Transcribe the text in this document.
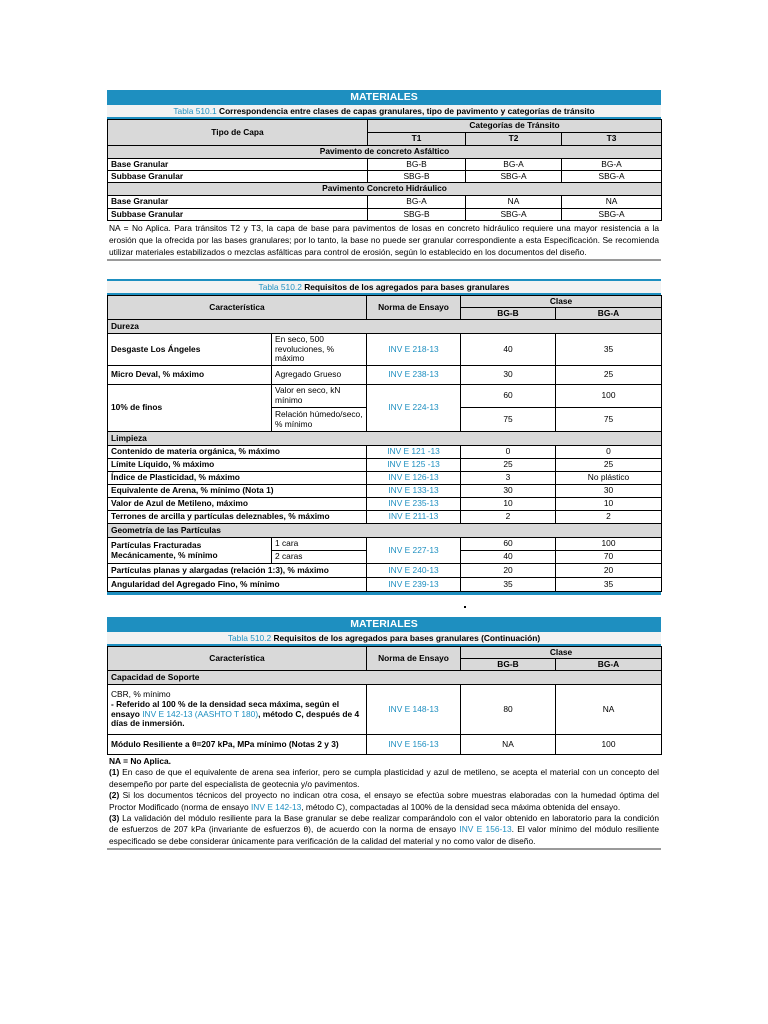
MATERIALES
Tabla 510.1 Correspondencia entre clases de capas granulares, tipo de pavimento y categorías de tránsito
Tipo de Capa	Categorías de Tránsito		
	T1	T2	T3
Pavimento de concreto Asfáltico			
Base Granular	BG-B	BG-A	BG-A
Subbase Granular	SBG-B	SBG-A	SBG-A
Pavimento Concreto Hidráulico			
Base Granular	BG-A	NA	NA
Subbase Granular	SBG-B	SBG-A	SBG-A
NA = No Aplica. Para tránsitos T2 y T3, la capa de base para pavimentos de losas en concreto hidráulico requiere una mayor resistencia a la erosión que la ofrecida por las bases granulares; por lo tanto, la base no puede ser granular correspondiente a esta Especificación. Se recomienda utilizar materiales estabilizados o mezclas asfálticas para control de erosión, según lo establecido en los documentos del diseño.
Tabla 510.2 Requisitos de los agregados para bases granulares
Característica		Norma de Ensayo	Clase	
			BG-B	BG-A
Dureza				
Desgaste Los Ángeles	En seco, 500 revoluciones, % máximo	INV E 218-13	40	35
Micro Deval, % máximo	Agregado Grueso	INV E 238-13	30	25
10% de finos	Valor en seco, kN mínimo	INV E 224-13	60	100
	Relación húmedo/seco, % mínimo		75	75
Limpieza				
Contenido de materia orgánica, % máximo		INV E 121 -13	0	0
Límite Líquido, % máximo		INV E 125 -13	25	25
Índice de Plasticidad, % máximo		INV E 126-13	3	No plástico
Equivalente de Arena, % mínimo (Nota 1)		INV E 133-13	30	30
Valor de Azul de Metileno, máximo		INV E 235-13	10	10
Terrones de arcilla y partículas deleznables, % máximo		INV E 211-13	2	2
Geometría de las Partículas				
Partículas Fracturadas Mecánicamente, % mínimo	1 cara	INV E 227-13	60	100
	2 caras		40	70
Partículas planas y alargadas (relación 1:3), % máximo		INV E 240-13	20	20
Angularidad del Agregado Fino, % mínimo		INV E 239-13	35	35
MATERIALES
Tabla 510.2 Requisitos de los agregados para bases granulares (Continuación)
Característica	Norma de Ensayo	Clase	
		BG-B	BG-A
Capacidad de Soporte			
CBR, % mínimo
- Referido al 100 % de la densidad seca máxima, según el ensayo INV E 142-13 (AASHTO T 180), método C, después de 4 días de inmersión.	INV E 148-13	80	NA
Módulo Resiliente a θ=207 kPa, MPa mínimo (Notas 2 y 3)	INV E 156-13	NA	100
NA = No Aplica.
(1) En caso de que el equivalente de arena sea inferior, pero se cumpla plasticidad y azul de metileno, se acepta el material con un concepto del desempeño por parte del especialista de geotecnia y/o pavimentos.
(2) Si los documentos técnicos del proyecto no indican otra cosa, el ensayo se efectúa sobre muestras elaboradas con la humedad óptima del Proctor Modificado (norma de ensayo INV E 142-13, método C), compactadas al 100% de la densidad seca máxima obtenida del ensayo.
(3) La validación del módulo resiliente para la Base granular se debe realizar comparándolo con el valor obtenido en laboratorio para la condición de esfuerzos de 207 kPa (invariante de esfuerzos θ), de acuerdo con la norma de ensayo INV E 156-13. El valor mínimo del módulo resiliente especificado se debe considerar únicamente para verificación de la calidad del material y no como valor de diseño.
